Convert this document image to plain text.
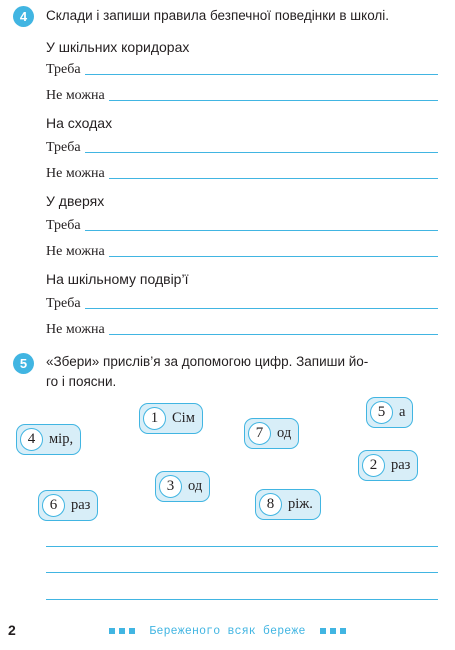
4	Склади і запиши правила безпечної поведінки в школі.
У шкільних коридорах
Треба
Не можна
На сходах
Треба
Не можна
У дверях
Треба
Не можна
На шкільному подвір’ї
Треба
Не можна
5	«Збери» прислів’я за допомогою цифр. Запиши йо-
го і поясни.
1 Сім
2 раз
3 од
4 мір,
5 а
6 раз
7 од
8 ріж.
2	Береженого всяк береже
